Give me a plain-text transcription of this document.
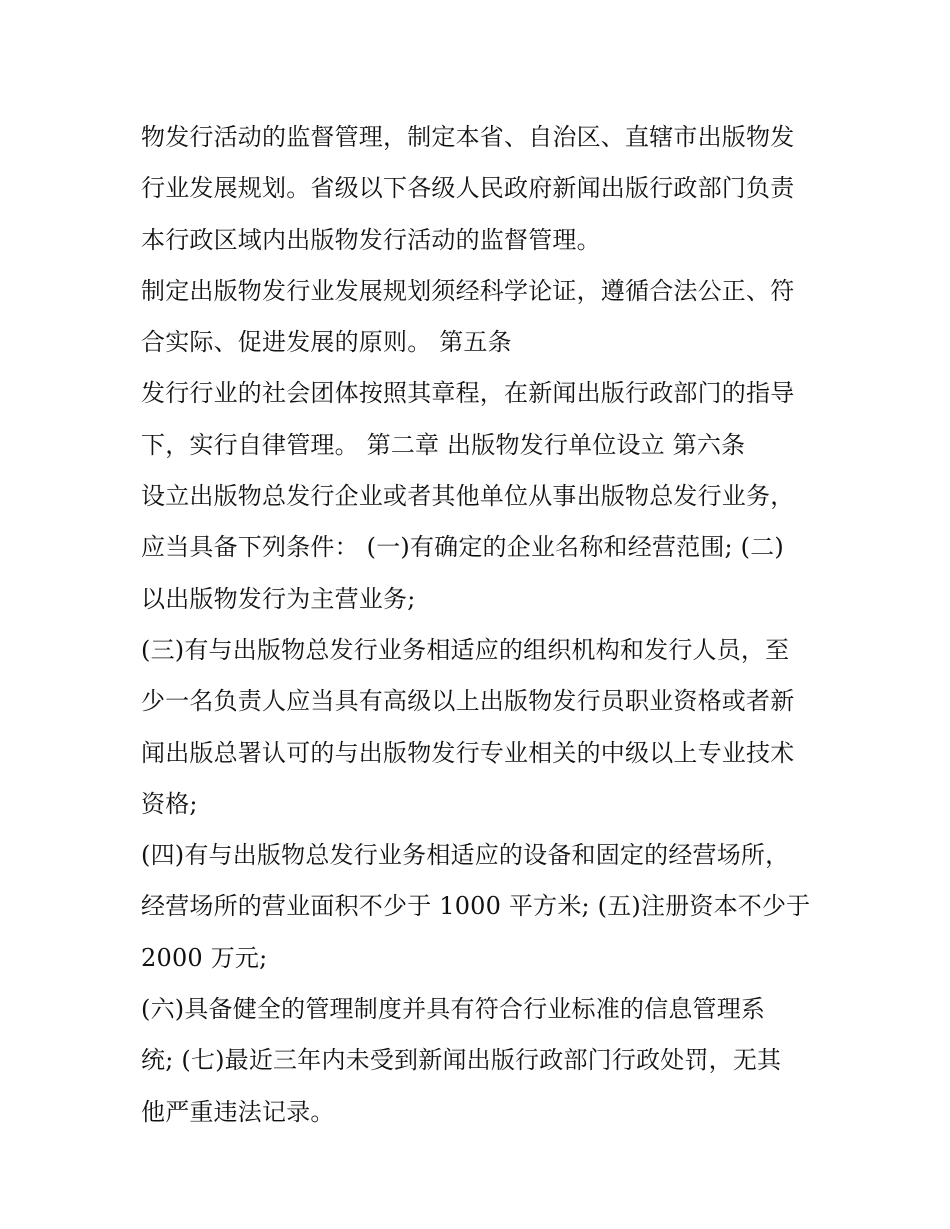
物发行活动的监督管理，制定本省、自治区、直辖市出版物发
行业发展规划。省级以下各级人民政府新闻出版行政部门负责
本行政区域内出版物发行活动的监督管理。
制定出版物发行业发展规划须经科学论证，遵循合法公正、符
合实际、促进发展的原则。 第五条
发行行业的社会团体按照其章程，在新闻出版行政部门的指导
下，实行自律管理。 第二章 出版物发行单位设立 第六条
设立出版物总发行企业或者其他单位从事出版物总发行业务，
应当具备下列条件： (一)有确定的企业名称和经营范围; (二)
以出版物发行为主营业务;
(三)有与出版物总发行业务相适应的组织机构和发行人员，至
少一名负责人应当具有高级以上出版物发行员职业资格或者新
闻出版总署认可的与出版物发行专业相关的中级以上专业技术
资格;
(四)有与出版物总发行业务相适应的设备和固定的经营场所，
经营场所的营业面积不少于 1000 平方米; (五)注册资本不少于
2000 万元;
(六)具备健全的管理制度并具有符合行业标准的信息管理系
统; (七)最近三年内未受到新闻出版行政部门行政处罚，无其
他严重违法记录。
